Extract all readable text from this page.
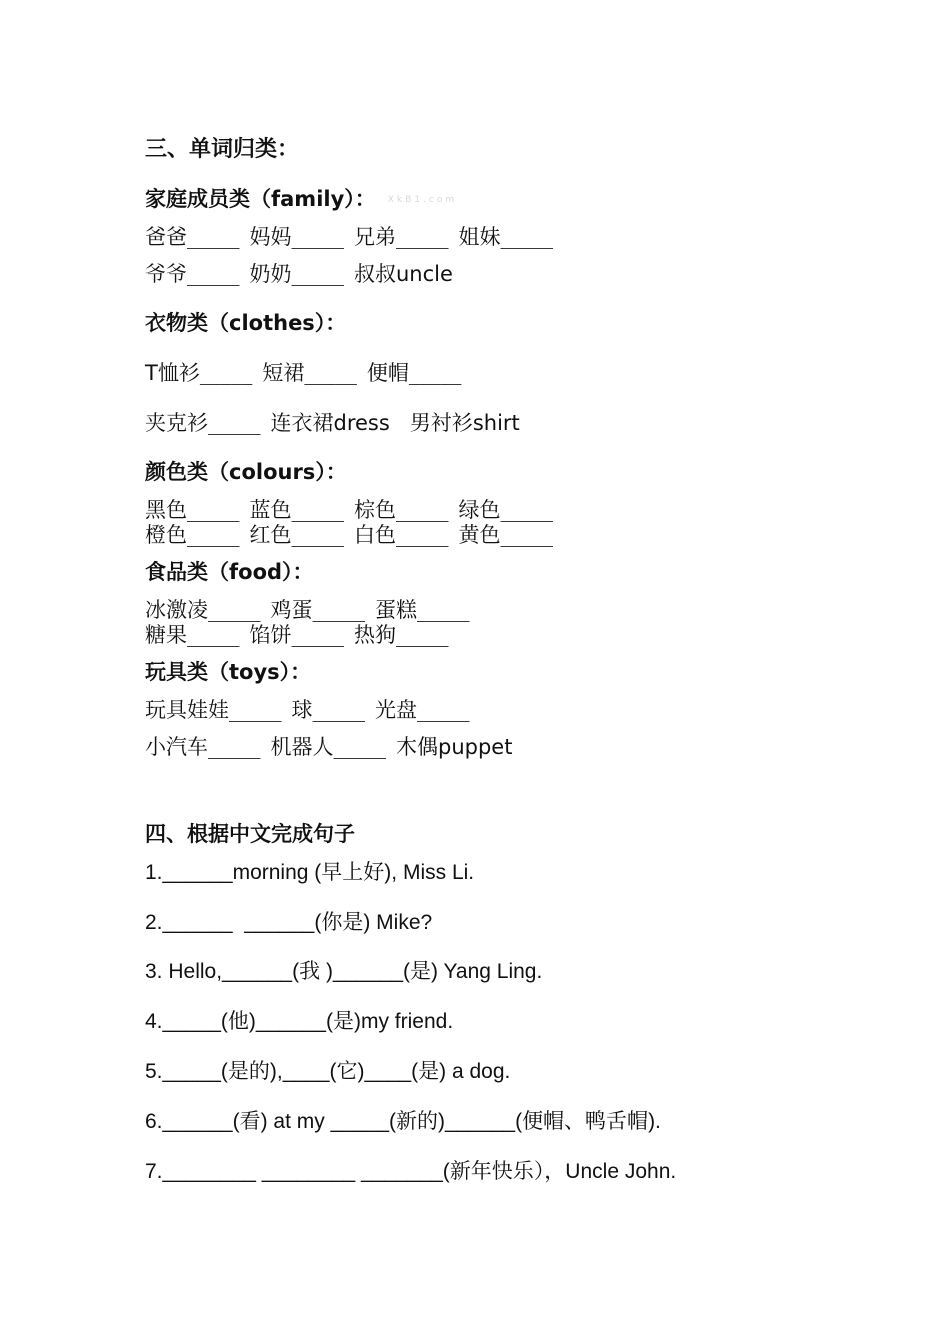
三、单词归类：
家庭成员类（family）： XkB1.com
爸爸_____ 妈妈_____ 兄弟_____ 姐妹_____
爷爷_____ 奶奶_____ 叔叔uncle
衣物类（clothes）：
T恤衫_____ 短裙_____ 便帽_____
夹克衫_____ 连衣裙dress 男衬衫shirt
颜色类（colours）：
黑色_____ 蓝色_____ 棕色_____ 绿色_____
橙色_____ 红色_____ 白色_____ 黄色_____
食品类（food）：
冰激凌_____ 鸡蛋_____ 蛋糕_____
糖果_____ 馅饼_____ 热狗_____
玩具类（toys）：
玩具娃娃_____ 球_____ 光盘_____
小汽车_____ 机器人_____ 木偶puppet
四、根据中文完成句子
1.______morning (早上好), Miss Li.
2.______  ______(你是) Mike?
3. Hello,______(我 )______(是) Yang Ling.
4._____(他)______(是)my friend.
5._____(是的),____(它)____(是) a dog.
6.______(看) at my _____(新的)______(便帽、鸭舌帽).
7.________ ________ _______(新年快乐），Uncle John.
